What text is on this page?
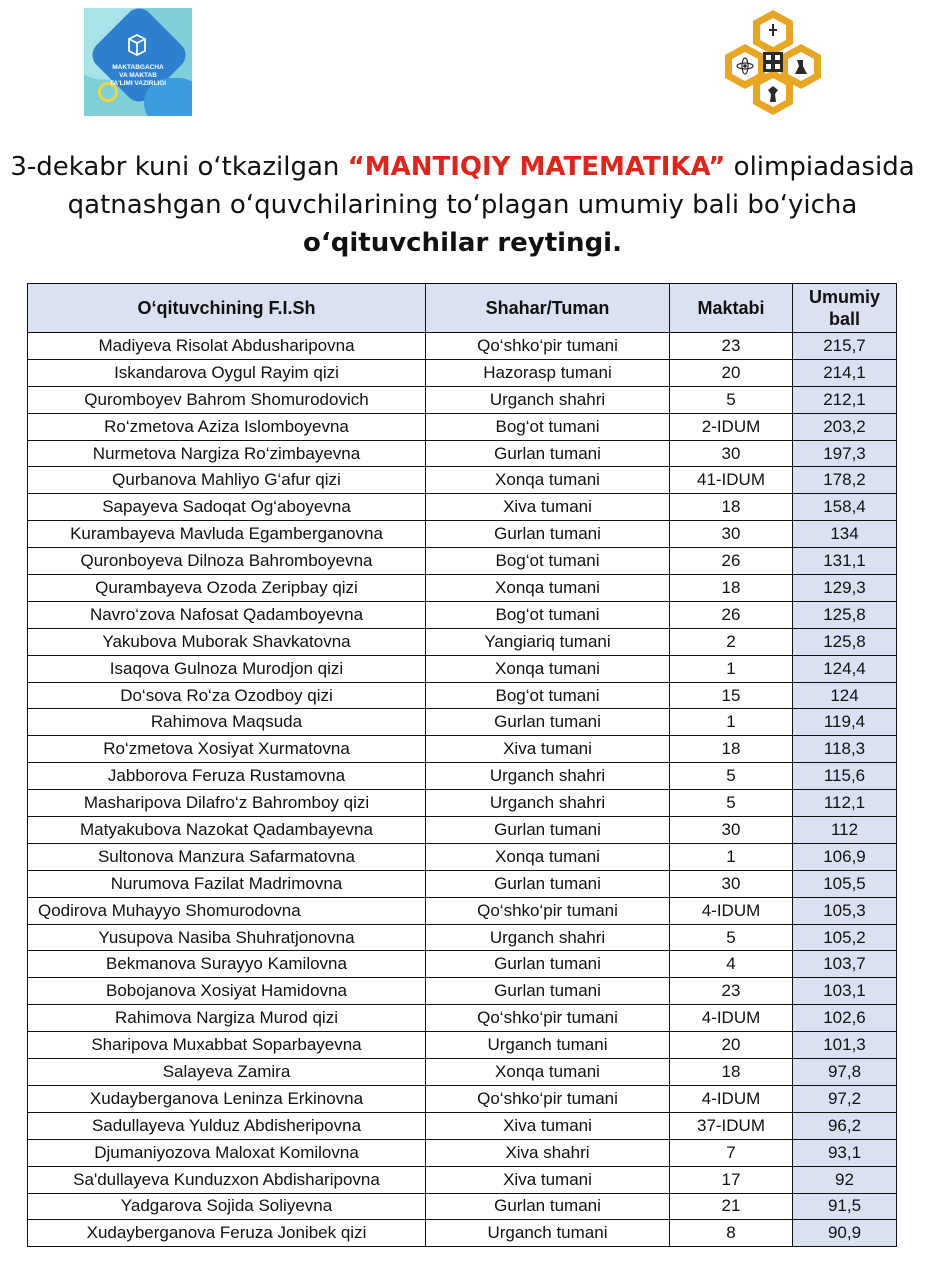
MAKTABGACHA
VA MAKTAB
TA'LIMI VAZIRLIGI
3-dekabr kuni o‘tkazilgan “MANTIQIY MATEMATIKA” olimpiadasida
qatnashgan o‘quvchilarining to‘plagan umumiy bali bo‘yicha
o‘qituvchilar reytingi.
O‘qituvchining F.I.Sh	Shahar/Tuman	Maktabi	Umumiy ball
Madiyeva Risolat Abdusharipovna	Qo‘shko‘pir tumani	23	215,7
Iskandarova Oygul Rayim qizi	Hazorasp tumani	20	214,1
Quromboyev Bahrom Shomurodovich	Urganch shahri	5	212,1
Ro‘zmetova Aziza Islomboyevna	Bog‘ot tumani	2-IDUM	203,2
Nurmetova Nargiza Ro‘zimbayevna	Gurlan tumani	30	197,3
Qurbanova Mahliyo G‘afur qizi	Xonqa tumani	41-IDUM	178,2
Sapayeva Sadoqat Og‘aboyevna	Xiva tumani	18	158,4
Kurambayeva Mavluda Egamberganovna	Gurlan tumani	30	134
Quronboyeva Dilnoza Bahromboyevna	Bog‘ot tumani	26	131,1
Qurambayeva Ozoda Zeripbay qizi	Xonqa tumani	18	129,3
Navro‘zova Nafosat Qadamboyevna	Bog‘ot tumani	26	125,8
Yakubova Muborak Shavkatovna	Yangiariq tumani	2	125,8
Isaqova Gulnoza Murodjon qizi	Xonqa tumani	1	124,4
Do‘sova Ro‘za Ozodboy qizi	Bog‘ot tumani	15	124
Rahimova Maqsuda	Gurlan tumani	1	119,4
Ro‘zmetova Xosiyat Xurmatovna	Xiva tumani	18	118,3
Jabborova Feruza Rustamovna	Urganch shahri	5	115,6
Masharipova Dilafro‘z Bahromboy qizi	Urganch shahri	5	112,1
Matyakubova Nazokat Qadambayevna	Gurlan tumani	30	112
Sultonova Manzura Safarmatovna	Xonqa tumani	1	106,9
Nurumova Fazilat Madrimovna	Gurlan tumani	30	105,5
Qodirova Muhayyo Shomurodovna	Qo‘shko‘pir tumani	4-IDUM	105,3
Yusupova Nasiba Shuhratjonovna	Urganch shahri	5	105,2
Bekmanova Surayyo Kamilovna	Gurlan tumani	4	103,7
Bobojanova Xosiyat Hamidovna	Gurlan tumani	23	103,1
Rahimova Nargiza Murod qizi	Qo‘shko‘pir tumani	4-IDUM	102,6
Sharipova Muxabbat Soparbayevna	Urganch tumani	20	101,3
Salayeva Zamira	Xonqa tumani	18	97,8
Xudayberganova Leninza Erkinovna	Qo‘shko‘pir tumani	4-IDUM	97,2
Sadullayeva Yulduz Abdisheripovna	Xiva tumani	37-IDUM	96,2
Djumaniyozova Maloxat Komilovna	Xiva shahri	7	93,1
Sa'dullayeva Kunduzxon Abdisharipovna	Xiva tumani	17	92
Yadgarova Sojida Soliyevna	Gurlan tumani	21	91,5
Xudayberganova Feruza Jonibek qizi	Urganch tumani	8	90,9
